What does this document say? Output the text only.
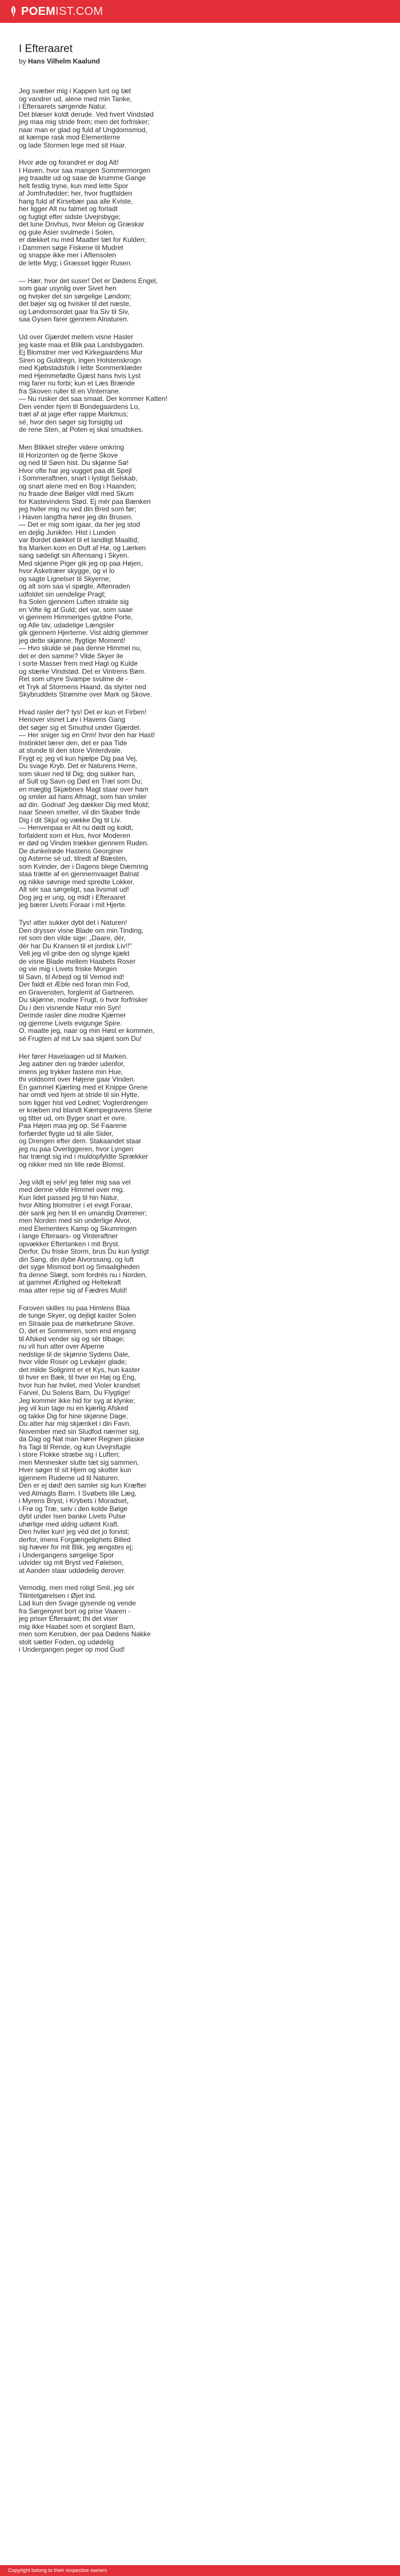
POEMIST.COM
I Efteraaret
by Hans Vilhelm Kaalund
Jeg svæber mig i Kappen lunt og tæt
og vandrer ud, alene med min Tanke,
i Efteraarets sørgende Natur.
Det blæser koldt derude. Ved hvert Vindstød
jeg maa mig stride frem; men det forfrisker;
naar man er glad og fuld af Ungdomsmod,
at kæmpe rask mod Elementerne
og lade Stormen lege med sit Haar.
Hvor øde og forandret er dog Alt!
I Haven, hvor saa mangen Sommermorgen
jeg traadte ud og saae de krumme Gange
helt festlig tryne, kun med lette Spor
af Jomfrufødder; her, hvor frugtfalden
hang fuld af Kirsebær paa alle Kviste,
her ligger Alt nu falmet og forladt
og fugtigt efter sidste Uvejrsbyge;
det lune Drivhus, hvor Melon og Græskar
og gule Asier svulmede i Solen,
er dækket nu med Maatter tæt for Kulden;
i Dammen søge Fiskene til Mudret
og snappe ikke mer i Aftensolen
de lette Myg; i Græsset ligger Rusen.
— Hær, hvor det suser! Det er Dødens Engel,
som gaar usynlig over Sivet hen
og hvisker det sin sørgelige Løndom;
det bøjer sig og hvisker til det næste,
og Løndomsordet gaar fra Siv til Siv,
saa Gysen farer gjennem Alnaturen.
Ud over Gjærdet mellem visne Hasler
jeg kaste maa et Blik paa Landsbygaden.
Ej Blomstrer mer ved Kirkegaardens Mur
Siren og Guldregn, ingen Holstenskrogn
med Kjøbstadsfolk i lette Sommerklæder
med Hjemmefødte Gjæst hans hvis Lyst
mig farer nu forbi; kun et Læs Brænde
fra Skoven ruller til en Vinterrane.
— Nu rusker det saa smaat. Der kommer Katten!
Den vender hjem til Bondegaardens Lo,
træt af at jage efter rappe Markmus;
sé, hvor den søger sig forsigtig ud
de rene Sten, at Poten ej skal smudskes.
Men Blikket strejfer videre omkring
til Horizonten og de fjerne Skove
og ned til Søen hist. Du skjønne Sø!
Hvor ofte har jeg vugget paa dit Spejl
i Sommeraftnen, snart i lystigt Selskab,
og snart alene med en Bog i Haanden;
nu fraade dine Bølger vildt med Skum
for Kastevindens Stød. Ej mér paa Bænken
jeg hviler mig nu ved din Bred som før;
i Haven langtfra hører jeg din Brusen.
— Det er mig som igaar, da her jeg stod
en dejlig Junikfen. Hist i Lunden
var Bordet dækket til et landligt Maaltid;
fra Marken kom en Duft af Hø, og Lærken
sang sødeligt sin Aftensang i Skyen.
Med skjønne Piger gik jeg op paa Højen,
hvor Asketræer skygge, og vi lo
og sagte Lignelser til Skyerne;
og alt som saa vi spøgte, Aftenraden
udfoldet sin uendelige Pragt;
fra Solen gjennem Luften strakte sig
en Vifte lig af Guld; det var, som saae
vi gjennem Himmeriges gyldne Porte,
og Alle tav, udadelige Længsler
gik gjennem Hjerterne. Vist aldrig glemmer
jeg dette skjønne, flygtige Moment!
— Hvo skulde sé paa denne Himmel nu,
det er den samme? Vilde Skyer ile
i sorte Masser frem med Hagl og Kulde
og stærke Vindstød. Det er Vintrens Bøm.
Ret som uhyre Svampe svulme de -
et Tryk af Stormens Haand, da styrter ned
Skybruddets Strømme over Mark og Skove.
Hvad rasler der? tys! Det er kun et Firben!
Henover visnet Løv i Havens Gang
det søger sig et Smuthul under Gjærdet.
— Her sniger sig en Orm! hvor den har Hast!
Instinktet lærer den, det er paa Tide
at stunde til den store Vinterdvale.
Frygt ej; jeg vil kun hjælpe Dig paa Vej,
Du svage Kryb. Det er Naturens Herre,
som skuer ned til Dig; dog sukker han,
af Sult og Savn og Død en Træl som Du;
en mægtig Skjæbnes Magt staar over ham
og smiler ad hans Afmagt, som han smiler
ad din. Godnat! Jeg dækker Dig med Mold;
naar Sneen smelter, vil din Skaber finde
Dig i dit Skjul og vække Dig til Liv.
— Henvenpaa er Alt nu dødt og koldt,
forfaldent som et Hus, hvor Moderen
er død og Vinden trækker gjennem Ruden.
De dunkelrøde Hastens Georginer
og Asterne sé ud, tilredt af Blæsten,
som Kvinder, der i Dagens blege Dæmring
staa trætte af en gjennemvaaget Balnat
og nikke søvnige med spredte Lokker.
Alt sér saa sørgeligt, saa livsmat ud!
Dog jeg er ung, og midt i Efteraaret
jeg bærer Livets Foraar i mit Hjerte.
Tys! atter sukker dybt det i Naturen!
Den drysser visne Blade om min Tinding,
ret som den vilde sige: „Daare, dér,
dér har Du Kransen til et jordisk Liv!!"
Vell jeg vil gribe den og slynge kjækt
de visne Blade mellem Haabets Roser
og vie mig i Livets friske Morgen
til Savn, til Arbejd og til Vemod ind!
Der faldt et Æble ned foran min Fod,
en Gravensten, forglemt af Gartneren.
Du skjønne, modne Frugt, o hvor forfrisker
Du i den visnende Natur min Syn!
Derinde rasler dine modne Kjærner
og gjemme Livets evigunge Spire.
O, maatte jeg, naar og min Høst er kommen,
sé Frugten af mit Liv saa skjønt som Du!
Her fører Havelaagen ud til Marken.
Jeg aabner den og træder udenfor,
imens jeg trykker fastere min Hue,
thi voldsomt over Højene gaar Vinden.
En gammel Kjærling med et Knippe Grene
har omdt ved hjem at stride til sin Hytte,
som ligger hist ved Lednet; Vogterdrengen
er kræben ind blandt Kæmpegravens Stene
og titter ud, om Byger snart er ovre.
Paa Højen maa jeg op. Sé Faarene
forfærdet flygte ud til alle Sider,
og Drengen efter dem. Stakaandet staar
jeg nu paa Overliggeren, hvor Lyngen
har trængt sig ind i muldopfyldte Sprækker
og nikker med sin lille røde Blomst.
Jeg vildt ej selv! jeg føler mig saa vel
med denne vilde Himmel over mig.
Kun lidet passed jeg til hin Natur,
hvor Alting blomstrer i et evigt Foraar,
dér sank jeg hen til en umandig Drømmer;
men Norden med sin underlige Alvor,
med Elementers Kamp og Skumringen
i lange Efteraars- og Vinteraftner
opvækker Eftertanken i mit Bryst.
Derfor, Du friske Storm, brus Du kun lystigt
din Sang, din dybe Alvorssang, og luft
det syge Mismod bort og Smaaligheden
fra denne Slægt, som fordrés nu i Norden,
at gammel Ærlighed og Heltekraft
maa atter rejse sig af Fædres Muld!
Foroven skilles nu paa Himlens Blaa
de tunge Skyer, og dejligt kaster Solen
en Straale paa de mørkebrune Skove.
O, det er Sommeren, som end engang
til Afsked vender sig og sér tilbage;
nu vil hun atter over Alperne
nedstige til de skjønne Sydens Dale,
hvor vilde Roser og Levkøjer glade;
det milde Sollgrimt er et Kys, hun kaster
til hver en Bæk, til hver en Høj og Eng,
hvor hun har hvilet, med Violer krandset
Farvel, Du Solens Barn, Du Flygtige!
Jeg kommer ikke hid for syg at klynke;
jeg vil kun tage nu en kjærlig Afsked
og takke Dig for hine skjønne Dage,
Du atter har mig skjænket i din Favn.
November med sin Sludfod nærmer sig,
da Dag og Nat man hører Regnen plaske
fra Tagi til Rende, og kun Uvejrsfugle
i store Flokke stræbe sig i Luften;
men Mennesker slutte tæt sig sammen,
Hver søger til sit Hjem og skotter kun
igjennem Ruderne ud til Naturen.
Den er ej død! den samler sig kun Kræfter
ved Almagts Barm. I Svøbets lille Læg,
i Myrens Bryst, i Krybets i Moradset,
i Frø og Træ, selv i den kolde Bølge
dybt under Isen banke Livets Pulse
uhørlige med aldrig udtømt Kraft.
Den hviler kun! jeg véd det jo forvist;
derfor, imens Forgængelighets Billed
sig hæver for mit Blik, jeg ængstes ej;
i Undergangens sørgelige Spor
udvider sig mit Bryst ved Følelsen,
at Aanden staar uddødelig derover.
Vemodig, men med roligt Smil, jeg sér
Tilintetgørelsen i Øjet ind.
Lad kun den Svage gysende og vende
fra Sørgenyret bort og prise Vaaren -
jeg priser Efteraaret; thi det viser
mig ikke Haabet som et sorgløst Barn,
men som Kerubien, der paa Dødens Nakke
stolt sætter Foden, og udødelig
i Undergangen peger op mod Gud!
Copyright belong to their respective owners
